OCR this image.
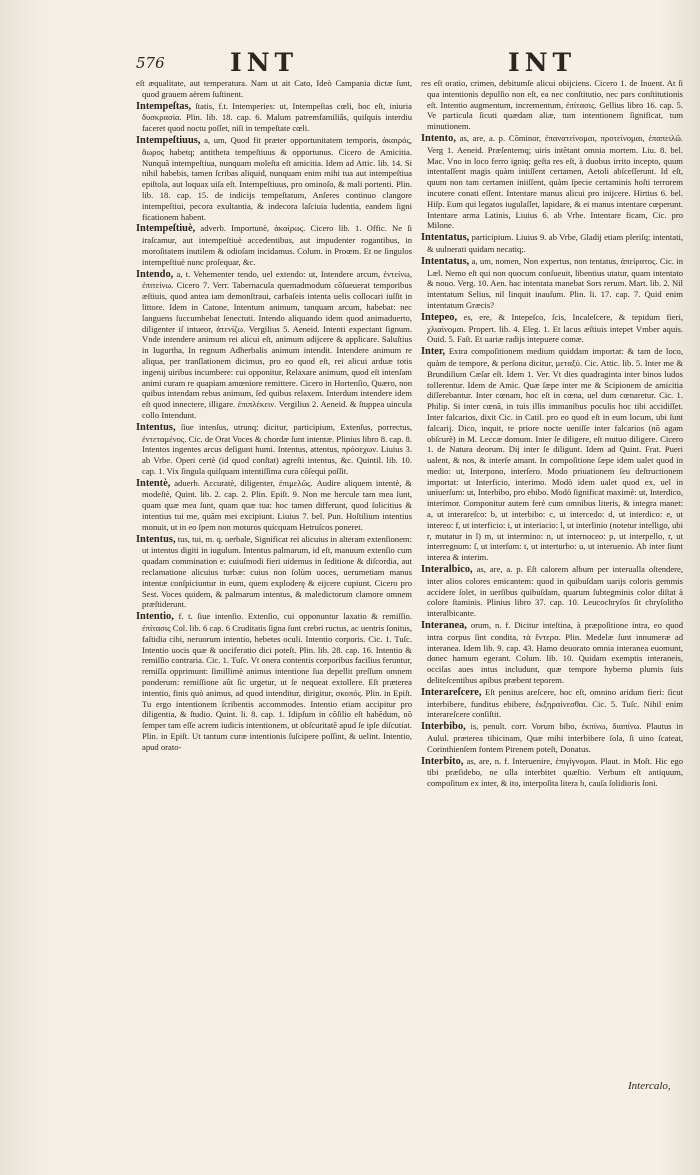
576	INT	INT

eſt æqualitate, aut temperatura. Nam ut ait Cato, Ideò Campania dictæ ſunt, quod grauem aërem ſuſtinent.

Intempeſtas, ſtatis, f.t. Intemperies: ut, Intempeſtas cœli, hoc eſt, iniuria δυσκρασία. Plin. lib. 18. cap. 6. Malum patremfamiliâs, quiſquis interdiu faceret quod noctu poſſet, niſi in tempeſtate cœli.

Intempeſtiuus, a, um, Quod fit præter opportunitatem temporis, ἀκαιρός, ἄωρος habetq; antitheta tempeſtiuus & opportunus. Cicero de Amicitia. Nunquã intempeſtiua, nunquam moleſta eſt amicitia. Idem ad Attic. lib. 14. Si nihil habebis, tamen ſcribas aliquid, nunquam enim mihi tua aut intempeſtiua epiſtola, aut loquax uiſa eſt. Intempeſtiuus, pro ominoſo, & mali portenti. Plin. lib. 18. cap. 15. de indicijs tempeſtatum, Anſeres continuo clangore intempeſtiui, pecora exultantia, & indecora laſciuia ludentia, eandem ſigni ficationem habent.

Intempeſtiuè, adverb. Importunè, ἀκαίρως. Cicero lib. 1. Offic. Ne ſi iraſcamur, aut intempeſtiuè accedentibus, aut impudenter rogantibus, in moroſitatem inutilem & odioſam incidamus. Colum. in Proœm. Et ne ſingulos intempeſtiuè nunc proſequar, &c.

Intendo, a, t. Vehementer tendo, uel extendo: ut, Intendere arcum, ἐντείνω, ἐπιτείνω. Cicero 7. Verr. Tabernacula quemadmodum cõſueuerat temporibus æſtiuis, quod antea iam demonſtraui, carbaſeis intenta uelis collocari iuſſit in littore. Idem in Catone, Intentum animum, tanquam arcum, habebat: nec languens ſuccumbebat ſenectuti. Intendo aliquando idem quod animaduerto, diligenter iſ intueor, ἀτενίζω. Vergilius 5. Aeneid. Intenti expectant ſignum. Vnde intendere animum rei alicui eſt, animum adijcere & applicare. Saluſtius in Iugurtha, In regnum Adherbalis animum intendit. Intendere animum re aliqua, per tranſlationem dicimus, pro eo quod eſt, rei alicui arduæ totis ingenij uiribus incumbere: cui opponitur, Relaxare animum, quod eſt intenſam animi curam re quapiam amœniore remittere. Cicero in Hortenſio, Quæro, non quibus intendam rebus animum, ſed quibus relaxem. Interdum intendere idem eſt quod innectere, illigare. ἐπιπλέκειν. Vergilius 2. Aeneid. & ſtuppea uincula collo Intendunt.

Intentus, ſiue intenſus, utrunq; dicitur, participium, Extenſus, porrectus, ἐντεταμένος. Cic. de Orat Voces & chordæ ſunt intentæ. Plinius libro 8. cap. 8. Intentos ingentes arcus deſigunt humi. Intentus, attentus, πρόσεχων. Liuius 3. ab Vrbe. Operi certè (id quod conſtat) agreſti intentus, &c. Quintil. lib. 10. cap. 1. Vix ſingula quiſquam intentiſſima cura cõſequi poſſit.

Intentè, aduerb. Accuratè, diligenter, ἐπιμελῶς. Audire aliquem intentè, & modeſtè, Quint. lib. 2. cap. 2. Plin. Epiſt. 9. Non me hercule tam mea ſunt, quam quæ mea ſunt, quam quæ tua: hoc tamen differunt, quod ſolicitius & intentius tui me, quãm mei excipiunt. Liuius 7. bel. Pun. Hoſtilium intentius monuit, ut in eo ſpem non moturos quicquam Hetruſcos poneret.

Intentus, tus, tui, m. q. uerbale, Significat rei alicuius in alteram extenſionem: ut intentus digiti in iugulum. Intentus palmarum, id eſt, manuum extenſio cum quadam commination e: cuiuſmodi fieri uidemus in ſeditione & diſcordia, aut reclamatione alicuius turbæ: cuius non ſolùm uoces, uerumetiam manus intentæ conſpiciuntur in eum, quem exploderę & eijcere cupiunt. Cicero pro Sest. Voces quidem, & palmarum intentus, & maledictorum clamore omnem præſtiderunt.

Intentio, f. t. ſiue intenſio. Extenſio, cui opponuntur laxatio & remiſſio. ἐπίτασις Col. lib. 6 cap. 6 Cruditatis ſigna ſunt crebri ructus, ac uentris ſonitus, faſtidia cibi, neruorum intentio, hebetes oculi. Intentio corporis. Cic. 1. Tuſc. Intentio uocis quæ & uociferatio dici poteſt. Plin. lib. 28. cap. 16. Intentio & remiſſio contraria. Cic. 1. Tuſc. Vt onera contentis corporibus facilius feruntur, remiſſa opprimunt: ſimillimè animus intentione ſua depellit preſſum omnem ponderum: remiſſione aũt ſic urgetur, ut ſe nequeat extollere. Eſt præterea intentio, finis quò animus, ad quod intenditur, dirigitur, σκοπός. Plin. in Epiſt. Tu ergo intentionem ſcribentis accommodes. Intentio etiam accipitur pro diligentia, & ſtudio. Quint. li. 8. cap. 1. Idipſum in cõſilio eſt habẽdum, nõ ſemper tam eſſe acrem iudicis intentionem, ut obſcuritatẽ apud ſe ipſe diſcutiat. Plin. in Epiſt. Ut tantum curæ intentionis ſuſcipere poſſint, & uelint. Intentio, apud orato-

res eſt oratio, crimen, debitumſe alicui obijciens. Cicero 1. de Inuent. At ſi qua intentionis depulſio non eſt, ea nec conſtitutio, nec pars conſtitutionis eſt. Intentio augmentum, incrementum, ἐπίτασις. Gellius libro 16. cap. 5. Ve particula ſicuti quædam aliæ, tum intentionem ſignificat, tum minutionem.

Intento, as, are, a. p. Cõminor, ἐπανατείνομαι, προτείνομαι, ἐπαπειλῶ. Verg 1. Aeneid. Præſentemq; uiris intẽtant omnia mortem. Liu. 8. bel. Mac. Vno in loco ferro igniq; geſta res eſt, à duobus irrito incepto, quum intentaſſent magis quàm iniiſſent certamen, Aetoli abſceſſerunt. Id eſt, quum non tam certamen iniiſſent, quàm ſpecie certaminis hoſti terrorem incutere conati eſſent. Intentare manus alicui pro inijcere. Hirtius 6. bel. Hiſp. Eum qui legatos iugulaſſet, lapidare, & ei manus intentare cœperunt. Intentare arma Latinis, Liuius 6. ab Vrbe. Intentare ficam, Cic. pro Milone.

Intentatus, participium. Liuius 9. ab Vrbe, Gladij etiam pleriſq; intentati, & uulnerati quidam necatiq;.

Intentatus, a, um, nomen, Non expertus, non tentatus, ἀπείρατος. Cic. in Læl. Nemo eſt qui non quocum conſueuit, libentius utatur, quam intentato & nouo. Verg. 10. Aen. hac intentata manebat Sors rerum. Mart. lib. 2. Nil intentatum Selius, nil linquit inauſum. Plin. li. 17. cap. 7. Quid enim intentatum Græcis?

Intepeo, es, ere, & Intepeſco, ſcis, Incaleſcere, & tepidum fieri, χλιαίνομαι. Propert. lib. 4. Eleg. 1. Et lacus æſtiuis intepet Vmber aquis. Ouid. 5. Faſt. Et uariæ radijs intepuere comæ.

Inter, Extra compoſitionem medium quiddam importat: & tam de loco, quàm de tempore, & perſona dicitur, μεταξύ. Cic. Attic. lib. 5. Inter me & Brundiſium Cæſar eſt. Idem 1. Ver. Vt dies quadraginta inter binos ludos tollerentur. Idem de Amic. Quæ ſæpe inter me & Scipionem de amicitia diſſerebantur. Inter cœnam, hoc eſt in cœna, uel dum cœnaretur. Cic. 1. Philip. Si inter cœnã, in tuis illis immanibus poculis hoc tibi accidiſſet. Inter falcarios, dixit Cic. in Catil. pro eo quod eſt in eum locum, ubi ſunt falcarij. Dico, inquit, te priore nocte ueniſſe inter falcarios (nõ agam obſcurè) in M. Leccæ domum. Inter ſe diligere, eſt mutuo diligere. Cicero 1. de Natura deorum. Dij inter ſe diligunt. Idem ad Quint. Frat. Pueri ualent, & nos, & interſe amant. In compoſitione ſæpe idem ualet quod in medio: ut, Interpono, interſero. Modo priuationem ſeu deſtructionem importat: ut Interficio, interimo. Modò idem ualet quod ex, uel in uniuerſum: ut, Interbibo, pro ebibo. Modò ſignificat maximè: ut, Interdico, interimor. Componitur autem ferè cum omnibus literis, & integra manet: a, ut interareſco: b, ut interbibo: c, ut intercedo: d, ut interdico: e, ut intereo: f, ut interficio: i, ut interiacio: l, ut interlinio (notetur intelligo, ubi r, mutatur in l) m, ut intermino: n, ut internoceo: p, ut interpello, r, ut interregnum: ſ, ut interſum: t, ut interturbo: u, ut interuenio. Ab inter ſiunt interea & interim.

Interalbico, as, are, a. p. Eſt calorem album per interualla oſtendere, inter alios colores emicantem: quod in quibuſdam uarijs coloris gemmis accidere ſolet, in uerſibus quibuſdam, quarum ſubtegminis color diſtat à colore ſtaminis. Plinius libro 37. cap. 10. Leucochryſos ſit chryſolitho interalbicante.

Interanea, orum, n. f. Dicitur inteſtina, à præpoſitione intra, eo quod intra corpus ſint condita, τὰ ἔντερα. Plin. Medelæ ſunt innumeræ ad interanea. Idem lib. 9. cap. 43. Hamo deuorato omnia interanea euomunt, donec hamum egerant. Colum. lib. 10. Quidam exemptis interaneis, occiſas aues intus includunt, quæ tempore hyberno plumis ſuis deliteſcentibus apibus præbent teporem.

Interareſcere, Eſt penitus areſcere, hoc eſt, omnino aridum fieri: ſicut interbibere, funditus ebibere, ἐκξηραίνεσθαι. Cic. 5. Tuſc. Nihil enim interareſcere conſiſtit.

Interbibo, is, penult. corr. Vorum bibo, ἐκπίνω, διαπίνω. Plautus in Aulul. præterea tibicinam, Quæ mihi interbibere ſola, ſi uino ſcateat, Corinthienſem fontem Pirenem poteſt, Donatus.

Interbito, as, are, n. f. Interuenire, ἐπιγίγνομαι. Plaut. in Moſt. Hic ego tibi præſidebo, ne ulla interbitet quæſtio. Verbum eſt antiquum, compoſitum ex inter, & ito, interpoſita litera b, cauſa ſolidioris ſoni.

Intercalo,
